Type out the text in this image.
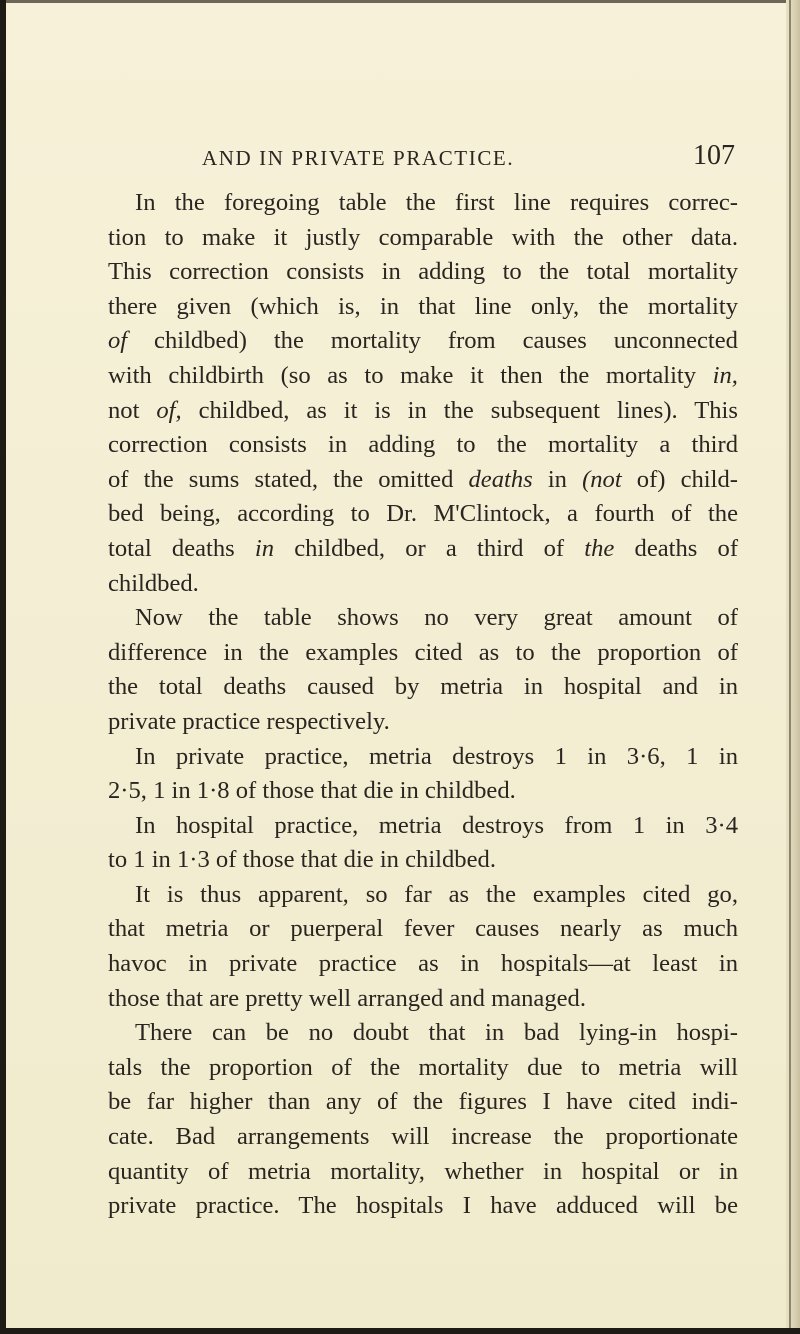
AND IN PRIVATE PRACTICE.	107
In the foregoing table the first line requires correc-
tion to make it justly comparable with the other data.
This correction consists in adding to the total mortality
there given (which is, in that line only, the mortality
of childbed) the mortality from causes unconnected
with childbirth (so as to make it then the mortality in,
not of, childbed, as it is in the subsequent lines). This
correction consists in adding to the mortality a third
of the sums stated, the omitted deaths in (not of) child-
bed being, according to Dr. M'Clintock, a fourth of the
total deaths in childbed, or a third of the deaths of
childbed.
Now the table shows no very great amount of
difference in the examples cited as to the proportion of
the total deaths caused by metria in hospital and in
private practice respectively.
In private practice, metria destroys 1 in 3·6, 1 in
2·5, 1 in 1·8 of those that die in childbed.
In hospital practice, metria destroys from 1 in 3·4
to 1 in 1·3 of those that die in childbed.
It is thus apparent, so far as the examples cited go,
that metria or puerperal fever causes nearly as much
havoc in private practice as in hospitals—at least in
those that are pretty well arranged and managed.
There can be no doubt that in bad lying-in hospi-
tals the proportion of the mortality due to metria will
be far higher than any of the figures I have cited indi-
cate. Bad arrangements will increase the proportionate
quantity of metria mortality, whether in hospital or in
private practice. The hospitals I have adduced will be
